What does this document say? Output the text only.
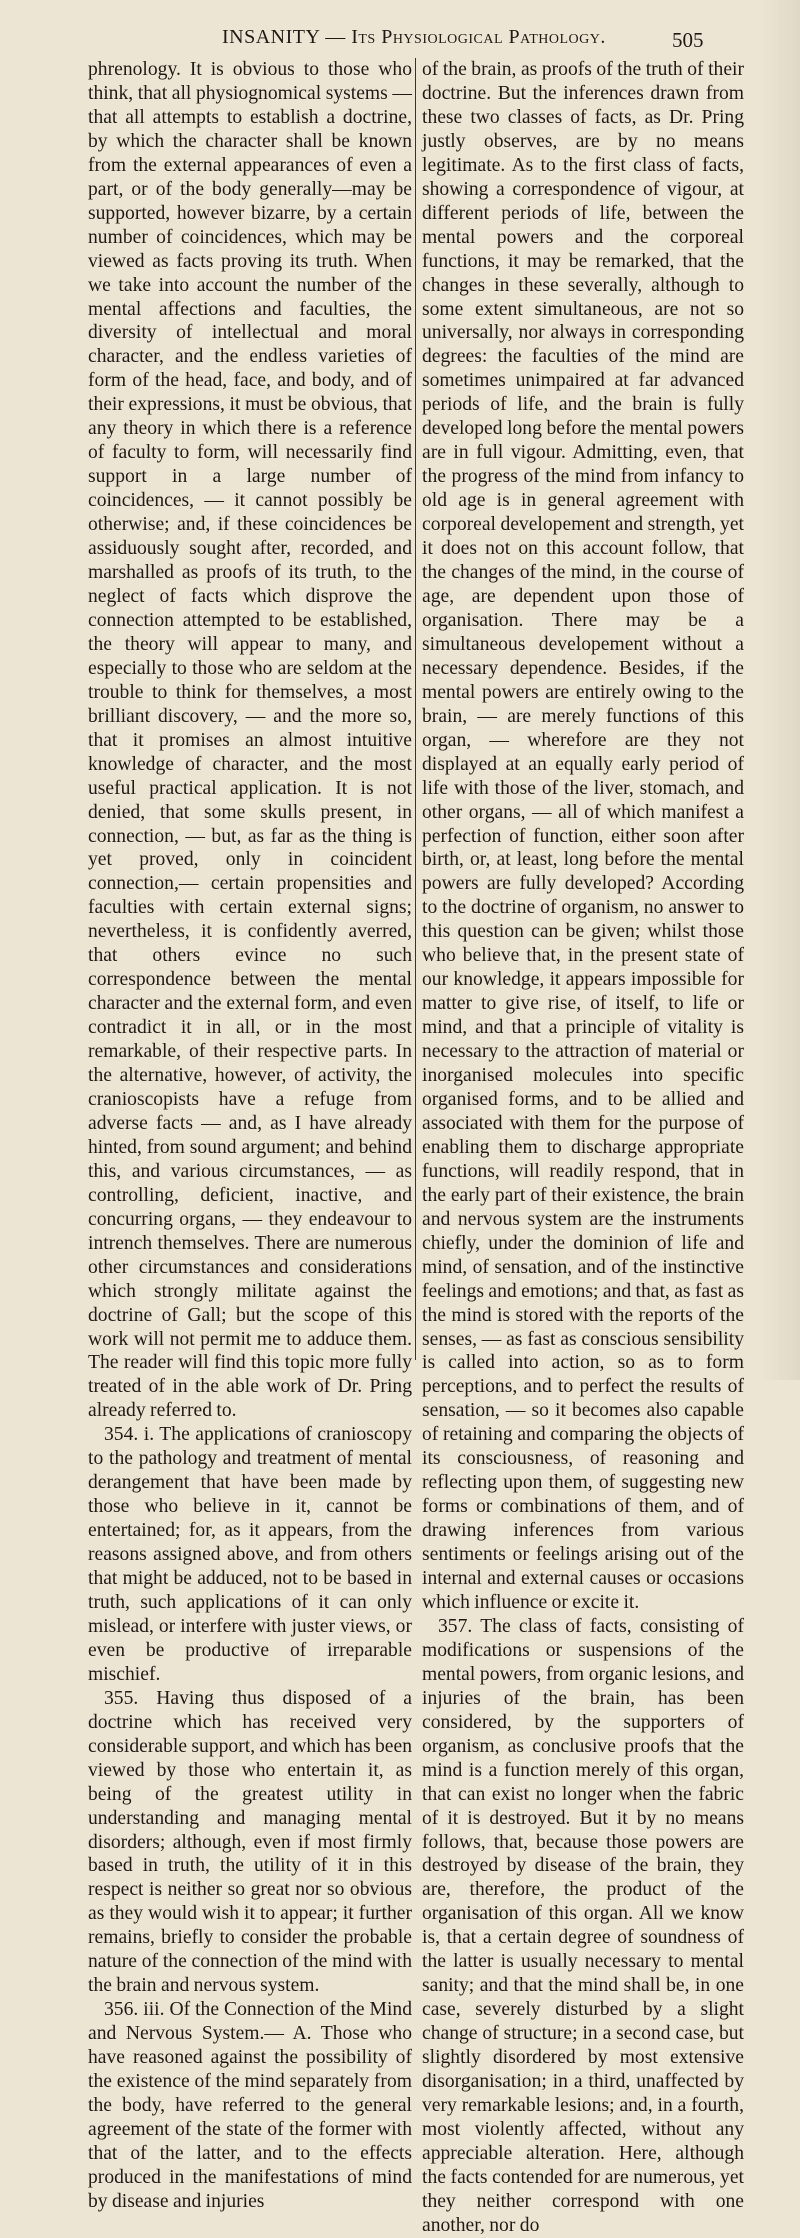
INSANITY — Its Physiological Pathology.	505

phrenology. It is obvious to those who think, that all physiognomical systems — that all attempts to establish a doctrine, by which the character shall be known from the external appearances of even a part, or of the body generally—may be supported, however bizarre, by a certain number of coincidences, which may be viewed as facts proving its truth. When we take into account the number of the mental affections and faculties, the diversity of intellectual and moral character, and the endless varieties of form of the head, face, and body, and of their expressions, it must be obvious, that any theory in which there is a reference of faculty to form, will necessarily find support in a large number of coincidences, — it cannot possibly be otherwise; and, if these coincidences be assiduously sought after, recorded, and marshalled as proofs of its truth, to the neglect of facts which disprove the connection attempted to be established, the theory will appear to many, and especially to those who are seldom at the trouble to think for themselves, a most brilliant discovery, — and the more so, that it promises an almost intuitive knowledge of character, and the most useful practical application. It is not denied, that some skulls present, in connection, — but, as far as the thing is yet proved, only in coincident connection,— certain propensities and faculties with certain external signs; nevertheless, it is confidently averred, that others evince no such correspondence between the mental character and the external form, and even contradict it in all, or in the most remarkable, of their respective parts. In the alternative, however, of activity, the cranioscopists have a refuge from adverse facts — and, as I have already hinted, from sound argument; and behind this, and various circumstances, — as controlling, deficient, inactive, and concurring organs, — they endeavour to intrench themselves. There are numerous other circumstances and considerations which strongly militate against the doctrine of Gall; but the scope of this work will not permit me to adduce them. The reader will find this topic more fully treated of in the able work of Dr. Pring already referred to.

354. i. The applications of cranioscopy to the pathology and treatment of mental derangement that have been made by those who believe in it, cannot be entertained; for, as it appears, from the reasons assigned above, and from others that might be adduced, not to be based in truth, such applications of it can only mislead, or interfere with juster views, or even be productive of irreparable mischief.

355. Having thus disposed of a doctrine which has received very considerable support, and which has been viewed by those who entertain it, as being of the greatest utility in understanding and managing mental disorders; although, even if most firmly based in truth, the utility of it in this respect is neither so great nor so obvious as they would wish it to appear; it further remains, briefly to consider the probable nature of the connection of the mind with the brain and nervous system.

356. iii. Of the Connection of the Mind and Nervous System.— A. Those who have reasoned against the possibility of the existence of the mind separately from the body, have referred to the general agreement of the state of the former with that of the latter, and to the effects produced in the manifestations of mind by disease and injuries

of the brain, as proofs of the truth of their doctrine. But the inferences drawn from these two classes of facts, as Dr. Pring justly observes, are by no means legitimate. As to the first class of facts, showing a correspondence of vigour, at different periods of life, between the mental powers and the corporeal functions, it may be remarked, that the changes in these severally, although to some extent simultaneous, are not so universally, nor always in corresponding degrees: the faculties of the mind are sometimes unimpaired at far advanced periods of life, and the brain is fully developed long before the mental powers are in full vigour. Admitting, even, that the progress of the mind from infancy to old age is in general agreement with corporeal developement and strength, yet it does not on this account follow, that the changes of the mind, in the course of age, are dependent upon those of organisation. There may be a simultaneous developement without a necessary dependence. Besides, if the mental powers are entirely owing to the brain, — are merely functions of this organ, — wherefore are they not displayed at an equally early period of life with those of the liver, stomach, and other organs, — all of which manifest a perfection of function, either soon after birth, or, at least, long before the mental powers are fully developed? According to the doctrine of organism, no answer to this question can be given; whilst those who believe that, in the present state of our knowledge, it appears impossible for matter to give rise, of itself, to life or mind, and that a principle of vitality is necessary to the attraction of material or inorganised molecules into specific organised forms, and to be allied and associated with them for the purpose of enabling them to discharge appropriate functions, will readily respond, that in the early part of their existence, the brain and nervous system are the instruments chiefly, under the dominion of life and mind, of sensation, and of the instinctive feelings and emotions; and that, as fast as the mind is stored with the reports of the senses, — as fast as conscious sensibility is called into action, so as to form perceptions, and to perfect the results of sensation, — so it becomes also capable of retaining and comparing the objects of its consciousness, of reasoning and reflecting upon them, of suggesting new forms or combinations of them, and of drawing inferences from various sentiments or feelings arising out of the internal and external causes or occasions which influence or excite it.

357. The class of facts, consisting of modifications or suspensions of the mental powers, from organic lesions, and injuries of the brain, has been considered, by the supporters of organism, as conclusive proofs that the mind is a function merely of this organ, that can exist no longer when the fabric of it is destroyed. But it by no means follows, that, because those powers are destroyed by disease of the brain, they are, therefore, the product of the organisation of this organ. All we know is, that a certain degree of soundness of the latter is usually necessary to mental sanity; and that the mind shall be, in one case, severely disturbed by a slight change of structure; in a second case, but slightly disordered by most extensive disorganisation; in a third, unaffected by very remarkable lesions; and, in a fourth, most violently affected, without any appreciable alteration. Here, although the facts contended for are numerous, yet they neither correspond with one another, nor do
